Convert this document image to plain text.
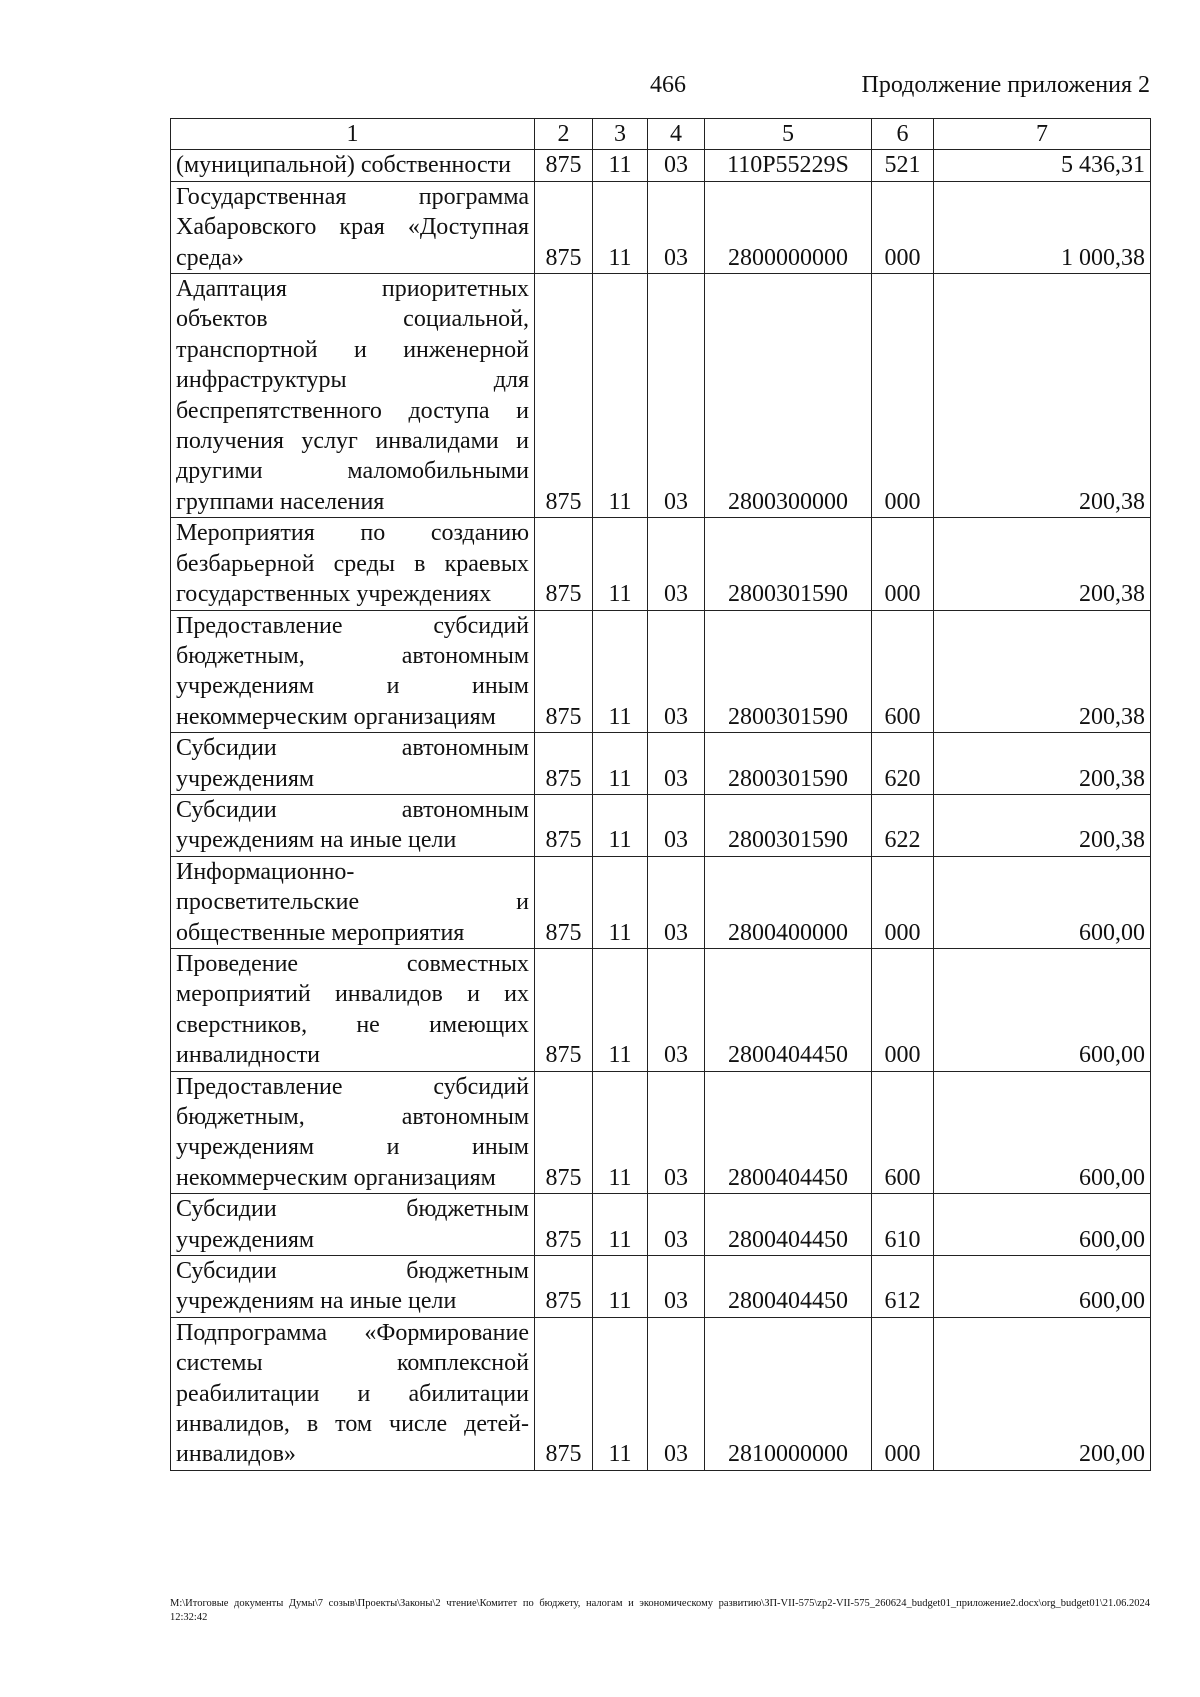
466	Продолжение приложения 2
1	2	3	4	5	6	7
(муниципальной) собственности	875	11	03	110P55229S	521	5 436,31
Государственная программа Хабаровского края «Доступная среда»	875	11	03	2800000000	000	1 000,38
Адаптация приоритетных объектов социальной, транспортной и инженерной инфраструктуры для беспрепятственного доступа и получения услуг инвалидами и другими маломобильными группами населения	875	11	03	2800300000	000	200,38
Мероприятия по созданию безбарьерной среды в краевых государственных учреждениях	875	11	03	2800301590	000	200,38
Предоставление субсидий бюджетным, автономным учреждениям и иным некоммерческим организациям	875	11	03	2800301590	600	200,38
Субсидии автономным учреждениям	875	11	03	2800301590	620	200,38
Субсидии автономным учреждениям на иные цели	875	11	03	2800301590	622	200,38
Информационно-просветительские и общественные мероприятия	875	11	03	2800400000	000	600,00
Проведение совместных мероприятий инвалидов и их сверстников, не имеющих инвалидности	875	11	03	2800404450	000	600,00
Предоставление субсидий бюджетным, автономным учреждениям и иным некоммерческим организациям	875	11	03	2800404450	600	600,00
Субсидии бюджетным учреждениям	875	11	03	2800404450	610	600,00
Субсидии бюджетным учреждениям на иные цели	875	11	03	2800404450	612	600,00
Подпрограмма «Формирование системы комплексной реабилитации и абилитации инвалидов, в том числе детей-инвалидов»	875	11	03	2810000000	000	200,00
M:\Итоговые документы Думы\7 созыв\Проекты\Законы\2 чтение\Комитет по бюджету, налогам и экономическому развитию\ЗП-VII-575\zp2-VII-575_260624_budget01_приложение2.docx\org_budget01\21.06.2024 12:32:42
